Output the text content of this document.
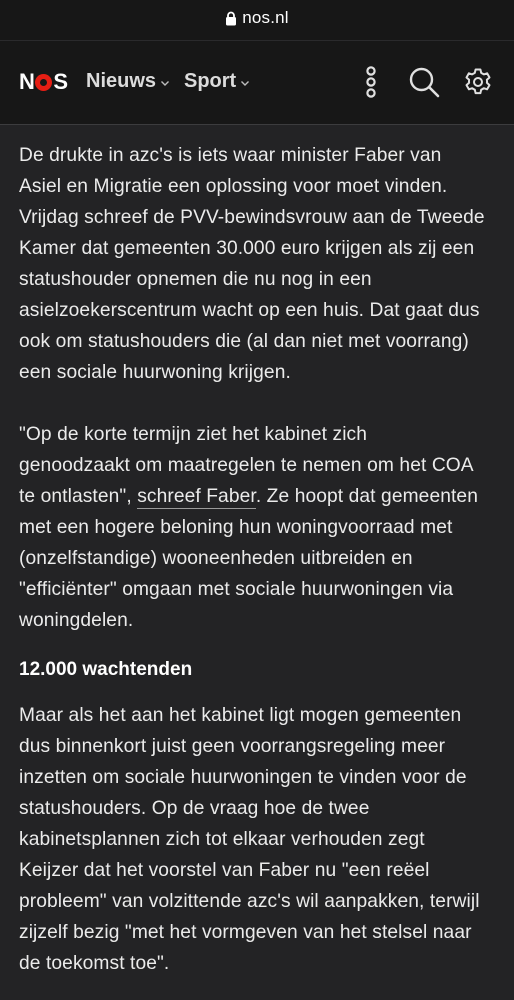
nos.nl
N S Nieuws Sport

De drukte in azc's is iets waar minister Faber van
Asiel en Migratie een oplossing voor moet vinden.
Vrijdag schreef de PVV-bewindsvrouw aan de Tweede
Kamer dat gemeenten 30.000 euro krijgen als zij een
statushouder opnemen die nu nog in een
asielzoekerscentrum wacht op een huis. Dat gaat dus
ook om statushouders die (al dan niet met voorrang)
een sociale huurwoning krijgen.

"Op de korte termijn ziet het kabinet zich
genoodzaakt om maatregelen te nemen om het COA
te ontlasten", schreef Faber. Ze hoopt dat gemeenten
met een hogere beloning hun woningvoorraad met
(onzelfstandige) wooneenheden uitbreiden en
"efficiënter" omgaan met sociale huurwoningen via
woningdelen.

12.000 wachtenden

Maar als het aan het kabinet ligt mogen gemeenten
dus binnenkort juist geen voorrangsregeling meer
inzetten om sociale huurwoningen te vinden voor de
statushouders. Op de vraag hoe de twee
kabinetsplannen zich tot elkaar verhouden zegt
Keijzer dat het voorstel van Faber nu "een reëel
probleem" van volzittende azc's wil aanpakken, terwijl
zijzelf bezig "met het vormgeven van het stelsel naar
de toekomst toe".
